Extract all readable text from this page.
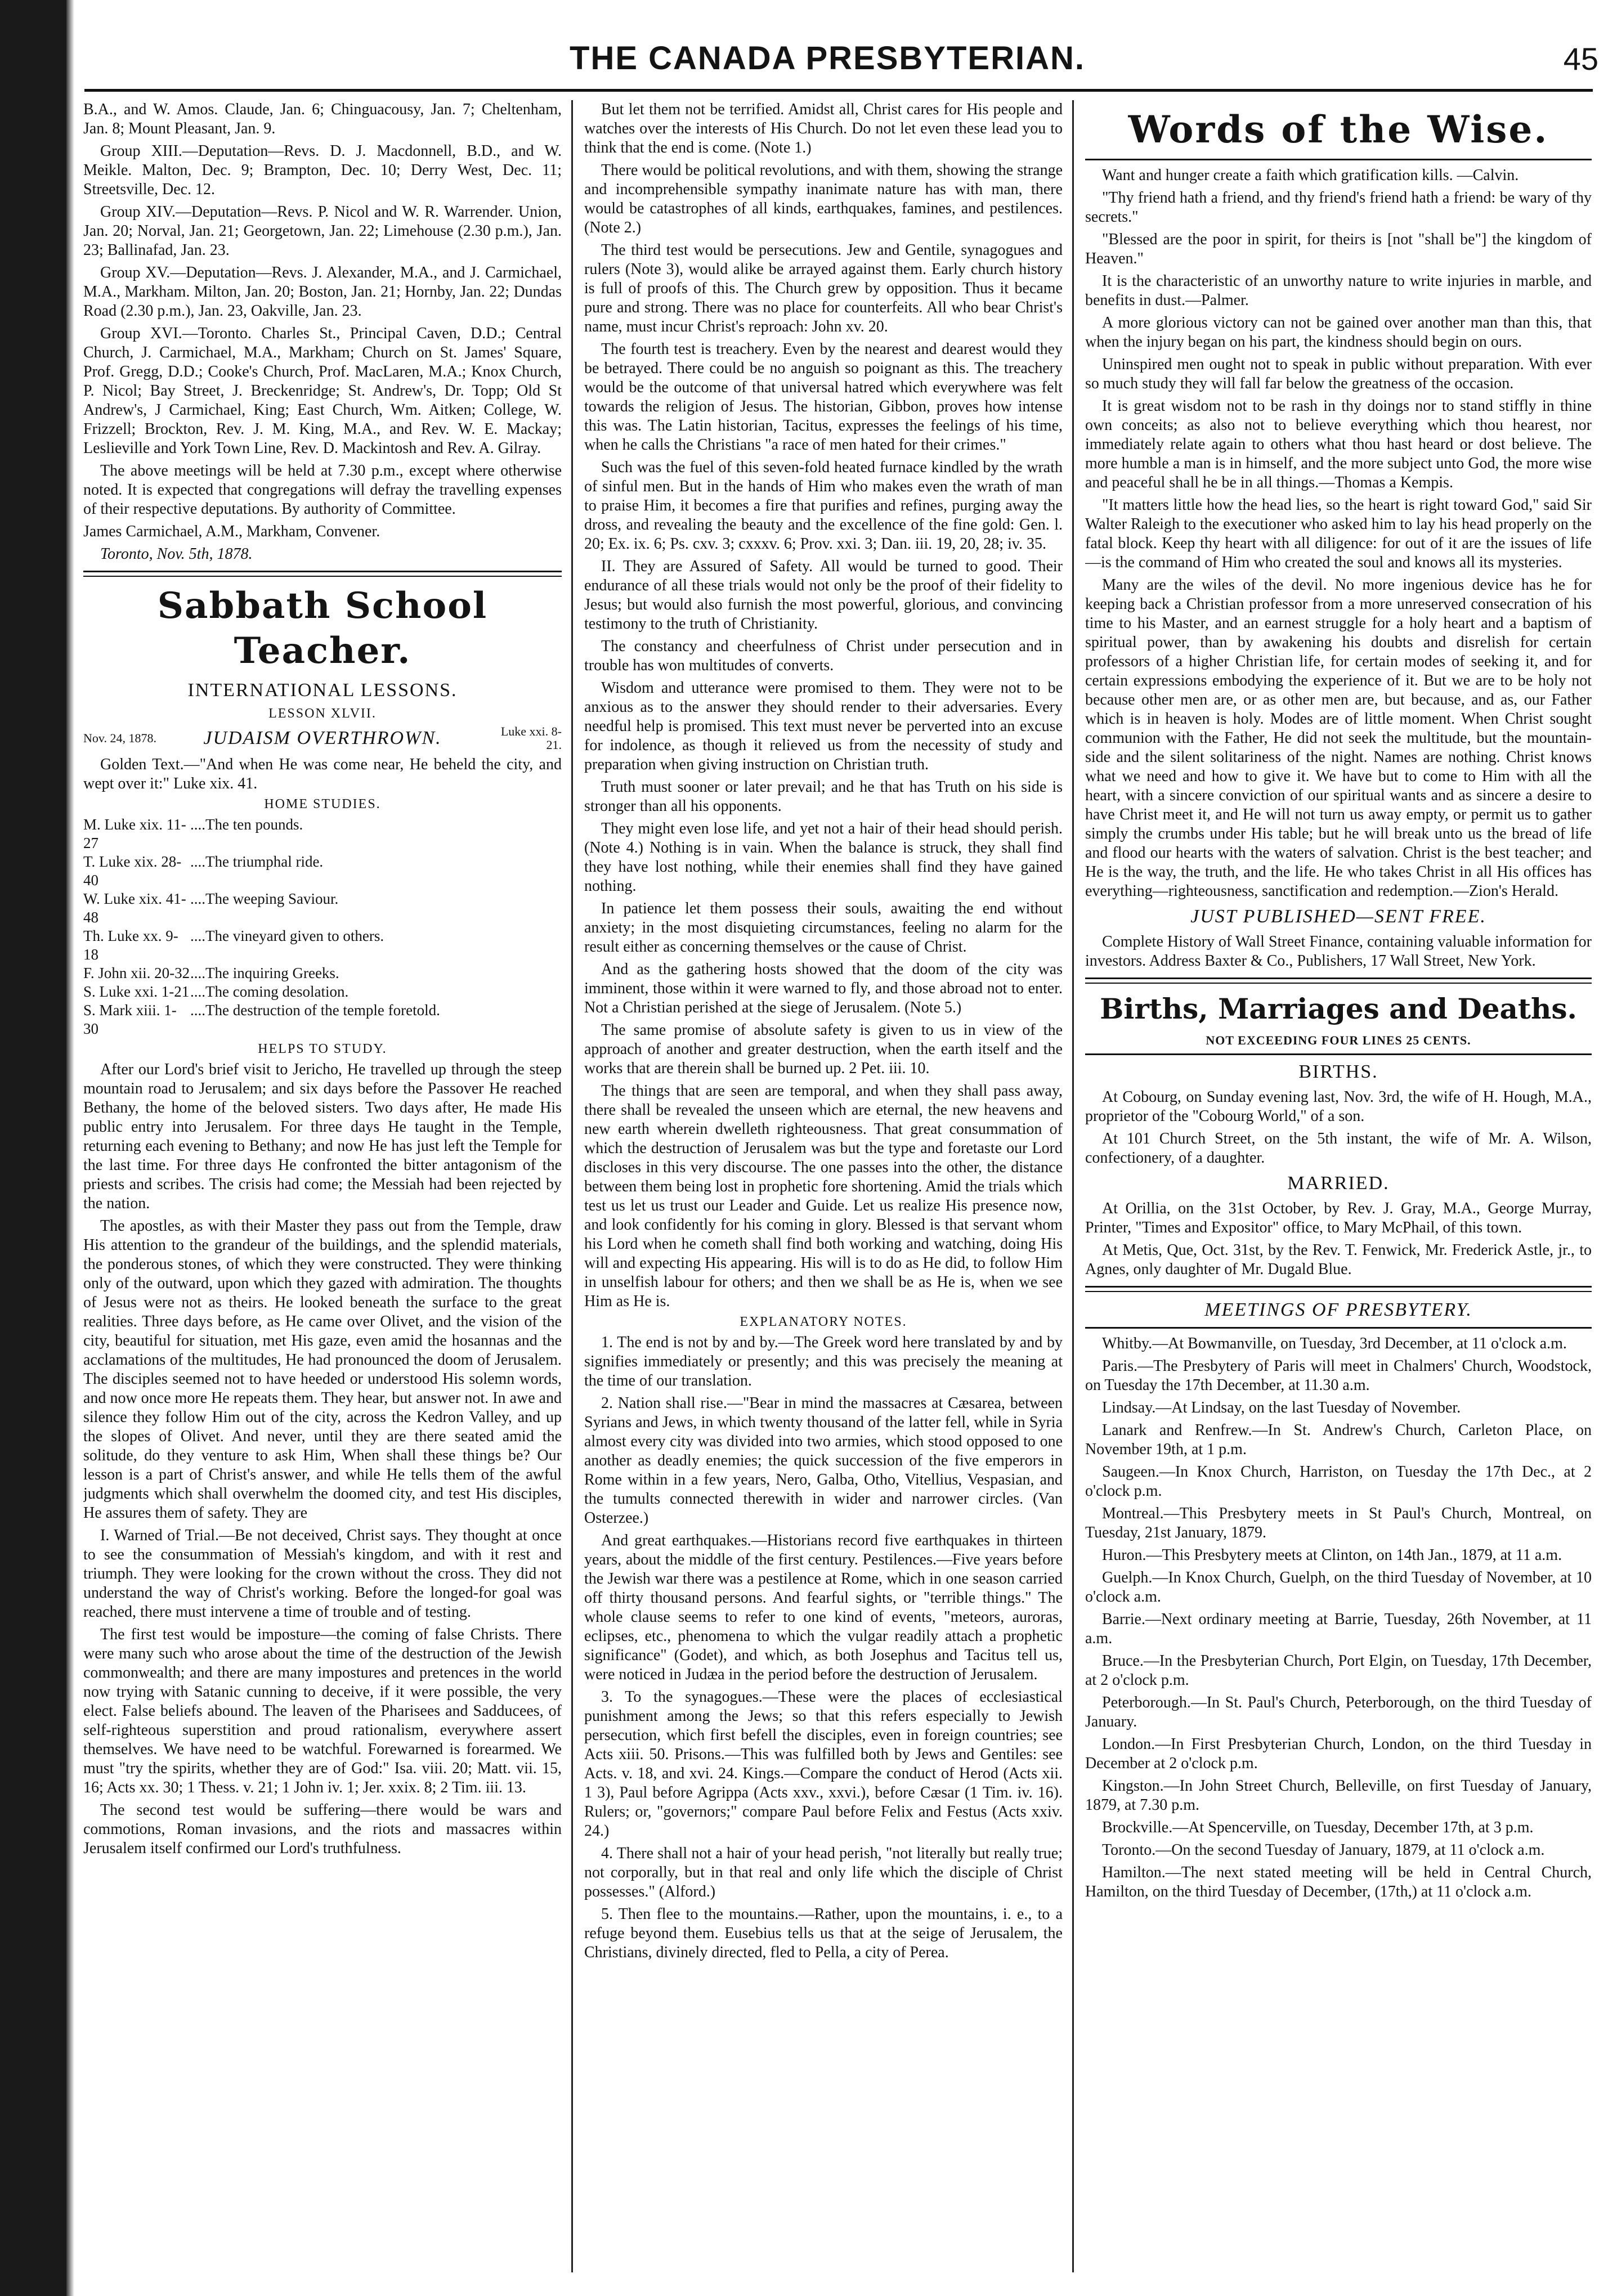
THE CANADA PRESBYTERIAN.	45

B.A., and W. Amos. Claude, Jan. 6; Chinguacousy, Jan. 7; Cheltenham, Jan. 8; Mount Pleasant, Jan. 9.

Group XIII.—Deputation—Revs. D. J. Macdonnell, B.D., and W. Meikle. Malton, Dec. 9; Brampton, Dec. 10; Derry West, Dec. 11; Streetsville, Dec. 12.

Group XIV.—Deputation—Revs. P. Nicol and W. R. Warrender. Union, Jan. 20; Norval, Jan. 21; Georgetown, Jan. 22; Limehouse (2.30 p.m.), Jan. 23; Ballinafad, Jan. 23.

Group XV.—Deputation—Revs. J. Alexander, M.A., and J. Carmichael, M.A., Markham. Milton, Jan. 20; Boston, Jan. 21; Hornby, Jan. 22; Dundas Road (2.30 p.m.), Jan. 23, Oakville, Jan. 23.

Group XVI.—Toronto. Charles St., Principal Caven, D.D.; Central Church, J. Carmichael, M.A., Markham; Church on St. James' Square, Prof. Gregg, D.D.; Cooke's Church, Prof. MacLaren, M.A.; Knox Church, P. Nicol; Bay Street, J. Breckenridge; St. Andrew's, Dr. Topp; Old St Andrew's, J Carmichael, King; East Church, Wm. Aitken; College, W. Frizzell; Brockton, Rev. J. M. King, M.A., and Rev. W. E. Mackay; Leslieville and York Town Line, Rev. D. Mackintosh and Rev. A. Gilray.

The above meetings will be held at 7.30 p.m., except where otherwise noted. It is expected that congregations will defray the travelling expenses of their respective deputations. By authority of Committee.

James Carmichael, A.M., Markham, Convener.

Toronto, Nov. 5th, 1878.

Sabbath School Teacher.
INTERNATIONAL LESSONS.
LESSON XLVII.
Nov. 24, 1878.	JUDAISM OVERTHROWN.	Luke xxi. 8-21.

Golden Text.—"And when He was come near, He beheld the city, and wept over it:" Luke xix. 41.

HOME STUDIES.
M. Luke xix. 11-27
....The ten pounds.
T. Luke xix. 28-40
....The triumphal ride.
W. Luke xix. 41-48
....The weeping Saviour.
Th. Luke xx. 9-18
....The vineyard given to others.
F. John xii. 20-32 ....The inquiring Greeks.
S. Luke xxi. 1-21 ....The coming desolation.
S. Mark xiii. 1-30
....The destruction of the temple foretold.
HELPS TO STUDY.

After our Lord's brief visit to Jericho, He travelled up through the steep mountain road to Jerusalem; and six days before the Passover He reached Bethany, the home of the beloved sisters. Two days after, He made His public entry into Jerusalem. For three days He taught in the Temple, returning each evening to Bethany; and now He has just left the Temple for the last time. For three days He confronted the bitter antagonism of the priests and scribes. The crisis had come; the Messiah had been rejected by the nation.

The apostles, as with their Master they pass out from the Temple, draw His attention to the grandeur of the buildings, and the splendid materials, the ponderous stones, of which they were constructed. They were thinking only of the outward, upon which they gazed with admiration. The thoughts of Jesus were not as theirs. He looked beneath the surface to the great realities. Three days before, as He came over Olivet, and the vision of the city, beautiful for situation, met His gaze, even amid the hosannas and the acclamations of the multitudes, He had pronounced the doom of Jerusalem. The disciples seemed not to have heeded or understood His solemn words, and now once more He repeats them. They hear, but answer not. In awe and silence they follow Him out of the city, across the Kedron Valley, and up the slopes of Olivet. And never, until they are there seated amid the solitude, do they venture to ask Him, When shall these things be? Our lesson is a part of Christ's answer, and while He tells them of the awful judgments which shall overwhelm the doomed city, and test His disciples, He assures them of safety. They are

I. Warned of Trial.—Be not deceived, Christ says. They thought at once to see the consummation of Messiah's kingdom, and with it rest and triumph. They were looking for the crown without the cross. They did not understand the way of Christ's working. Before the longed-for goal was reached, there must intervene a time of trouble and of testing.

The first test would be imposture—the coming of false Christs. There were many such who arose about the time of the destruction of the Jewish commonwealth; and there are many impostures and pretences in the world now trying with Satanic cunning to deceive, if it were possible, the very elect. False beliefs abound. The leaven of the Pharisees and Sadducees, of self-righteous superstition and proud rationalism, everywhere assert themselves. We have need to be watchful. Forewarned is forearmed. We must "try the spirits, whether they are of God:" Isa. viii. 20; Matt. vii. 15, 16; Acts xx. 30; 1 Thess. v. 21; 1 John iv. 1; Jer. xxix. 8; 2 Tim. iii. 13.

The second test would be suffering—there would be wars and commotions, Roman invasions, and the riots and massacres within Jerusalem itself confirmed our Lord's truthfulness.

But let them not be terrified. Amidst all, Christ cares for His people and watches over the interests of His Church. Do not let even these lead you to think that the end is come. (Note 1.)

There would be political revolutions, and with them, showing the strange and incomprehensible sympathy inanimate nature has with man, there would be catastrophes of all kinds, earthquakes, famines, and pestilences. (Note 2.)

The third test would be persecutions. Jew and Gentile, synagogues and rulers (Note 3), would alike be arrayed against them. Early church history is full of proofs of this. The Church grew by opposition. Thus it became pure and strong. There was no place for counterfeits. All who bear Christ's name, must incur Christ's reproach: John xv. 20.

The fourth test is treachery. Even by the nearest and dearest would they be betrayed. There could be no anguish so poignant as this. The treachery would be the outcome of that universal hatred which everywhere was felt towards the religion of Jesus. The historian, Gibbon, proves how intense this was. The Latin historian, Tacitus, expresses the feelings of his time, when he calls the Christians "a race of men hated for their crimes."

Such was the fuel of this seven-fold heated furnace kindled by the wrath of sinful men. But in the hands of Him who makes even the wrath of man to praise Him, it becomes a fire that purifies and refines, purging away the dross, and revealing the beauty and the excellence of the fine gold: Gen. l. 20; Ex. ix. 6; Ps. cxv. 3; cxxxv. 6; Prov. xxi. 3; Dan. iii. 19, 20, 28; iv. 35.

II. They are Assured of Safety. All would be turned to good. Their endurance of all these trials would not only be the proof of their fidelity to Jesus; but would also furnish the most powerful, glorious, and convincing testimony to the truth of Christianity.

The constancy and cheerfulness of Christ under persecution and in trouble has won multitudes of converts.

Wisdom and utterance were promised to them. They were not to be anxious as to the answer they should render to their adversaries. Every needful help is promised. This text must never be perverted into an excuse for indolence, as though it relieved us from the necessity of study and preparation when giving instruction on Christian truth.

Truth must sooner or later prevail; and he that has Truth on his side is stronger than all his opponents.

They might even lose life, and yet not a hair of their head should perish. (Note 4.) Nothing is in vain. When the balance is struck, they shall find they have lost nothing, while their enemies shall find they have gained nothing.

In patience let them possess their souls, awaiting the end without anxiety; in the most disquieting circumstances, feeling no alarm for the result either as concerning themselves or the cause of Christ.

And as the gathering hosts showed that the doom of the city was imminent, those within it were warned to fly, and those abroad not to enter. Not a Christian perished at the siege of Jerusalem. (Note 5.)

The same promise of absolute safety is given to us in view of the approach of another and greater destruction, when the earth itself and the works that are therein shall be burned up. 2 Pet. iii. 10.

The things that are seen are temporal, and when they shall pass away, there shall be revealed the unseen which are eternal, the new heavens and new earth wherein dwelleth righteousness. That great consummation of which the destruction of Jerusalem was but the type and foretaste our Lord discloses in this very discourse. The one passes into the other, the distance between them being lost in prophetic fore shortening. Amid the trials which test us let us trust our Leader and Guide. Let us realize His presence now, and look confidently for his coming in glory. Blessed is that servant whom his Lord when he cometh shall find both working and watching, doing His will and expecting His appearing. His will is to do as He did, to follow Him in unselfish labour for others; and then we shall be as He is, when we see Him as He is.

EXPLANATORY NOTES.

1. The end is not by and by.—The Greek word here translated by and by signifies immediately or presently; and this was precisely the meaning at the time of our translation.

2. Nation shall rise.—"Bear in mind the massacres at Cæsarea, between Syrians and Jews, in which twenty thousand of the latter fell, while in Syria almost every city was divided into two armies, which stood opposed to one another as deadly enemies; the quick succession of the five emperors in Rome within in a few years, Nero, Galba, Otho, Vitellius, Vespasian, and the tumults connected therewith in wider and narrower circles. (Van Osterzee.)

And great earthquakes.—Historians record five earthquakes in thirteen years, about the middle of the first century. Pestilences.—Five years before the Jewish war there was a pestilence at Rome, which in one season carried off thirty thousand persons. And fearful sights, or "terrible things." The whole clause seems to refer to one kind of events, "meteors, auroras, eclipses, etc., phenomena to which the vulgar readily attach a prophetic significance" (Godet), and which, as both Josephus and Tacitus tell us, were noticed in Judæa in the period before the destruction of Jerusalem.

3. To the synagogues.—These were the places of ecclesiastical punishment among the Jews; so that this refers especially to Jewish persecution, which first befell the disciples, even in foreign countries; see Acts xiii. 50. Prisons.—This was fulfilled both by Jews and Gentiles: see Acts. v. 18, and xvi. 24. Kings.—Compare the conduct of Herod (Acts xii. 1 3), Paul before Agrippa (Acts xxv., xxvi.), before Cæsar (1 Tim. iv. 16). Rulers; or, "governors;" compare Paul before Felix and Festus (Acts xxiv. 24.)

4. There shall not a hair of your head perish, "not literally but really true; not corporally, but in that real and only life which the disciple of Christ possesses." (Alford.)

5. Then flee to the mountains.—Rather, upon the mountains, i. e., to a refuge beyond them. Eusebius tells us that at the seige of Jerusalem, the Christians, divinely directed, fled to Pella, a city of Perea.

Words of the Wise.

Want and hunger create a faith which gratification kills. —Calvin.

"Thy friend hath a friend, and thy friend's friend hath a friend: be wary of thy secrets."

"Blessed are the poor in spirit, for theirs is [not "shall be"] the kingdom of Heaven."

It is the characteristic of an unworthy nature to write injuries in marble, and benefits in dust.—Palmer.

A more glorious victory can not be gained over another man than this, that when the injury began on his part, the kindness should begin on ours.

Uninspired men ought not to speak in public without preparation. With ever so much study they will fall far below the greatness of the occasion.

It is great wisdom not to be rash in thy doings nor to stand stiffly in thine own conceits; as also not to believe everything which thou hearest, nor immediately relate again to others what thou hast heard or dost believe. The more humble a man is in himself, and the more subject unto God, the more wise and peaceful shall he be in all things.—Thomas a Kempis.

"It matters little how the head lies, so the heart is right toward God," said Sir Walter Raleigh to the executioner who asked him to lay his head properly on the fatal block. Keep thy heart with all diligence: for out of it are the issues of life—is the command of Him who created the soul and knows all its mysteries.

Many are the wiles of the devil. No more ingenious device has he for keeping back a Christian professor from a more unreserved consecration of his time to his Master, and an earnest struggle for a holy heart and a baptism of spiritual power, than by awakening his doubts and disrelish for certain professors of a higher Christian life, for certain modes of seeking it, and for certain expressions embodying the experience of it. But we are to be holy not because other men are, or as other men are, but because, and as, our Father which is in heaven is holy. Modes are of little moment. When Christ sought communion with the Father, He did not seek the multitude, but the mountain-side and the silent solitariness of the night. Names are nothing. Christ knows what we need and how to give it. We have but to come to Him with all the heart, with a sincere conviction of our spiritual wants and as sincere a desire to have Christ meet it, and He will not turn us away empty, or permit us to gather simply the crumbs under His table; but he will break unto us the bread of life and flood our hearts with the waters of salvation. Christ is the best teacher; and He is the way, the truth, and the life. He who takes Christ in all His offices has everything—righteousness, sanctification and redemption.—Zion's Herald.

JUST PUBLISHED—SENT FREE.

Complete History of Wall Street Finance, containing valuable information for investors. Address Baxter & Co., Publishers, 17 Wall Street, New York.

Births, Marriages and Deaths.
NOT EXCEEDING FOUR LINES 25 CENTS.
BIRTHS.

At Cobourg, on Sunday evening last, Nov. 3rd, the wife of H. Hough, M.A., proprietor of the "Cobourg World," of a son.

At 101 Church Street, on the 5th instant, the wife of Mr. A. Wilson, confectionery, of a daughter.

MARRIED.

At Orillia, on the 31st October, by Rev. J. Gray, M.A., George Murray, Printer, "Times and Expositor" office, to Mary McPhail, of this town.

At Metis, Que, Oct. 31st, by the Rev. T. Fenwick, Mr. Frederick Astle, jr., to Agnes, only daughter of Mr. Dugald Blue.

MEETINGS OF PRESBYTERY.

Whitby.—At Bowmanville, on Tuesday, 3rd December, at 11 o'clock a.m.

Paris.—The Presbytery of Paris will meet in Chalmers' Church, Woodstock, on Tuesday the 17th December, at 11.30 a.m.

Lindsay.—At Lindsay, on the last Tuesday of November.

Lanark and Renfrew.—In St. Andrew's Church, Carleton Place, on November 19th, at 1 p.m.

Saugeen.—In Knox Church, Harriston, on Tuesday the 17th Dec., at 2 o'clock p.m.

Montreal.—This Presbytery meets in St Paul's Church, Montreal, on Tuesday, 21st January, 1879.

Huron.—This Presbytery meets at Clinton, on 14th Jan., 1879, at 11 a.m.

Guelph.—In Knox Church, Guelph, on the third Tuesday of November, at 10 o'clock a.m.

Barrie.—Next ordinary meeting at Barrie, Tuesday, 26th November, at 11 a.m.

Bruce.—In the Presbyterian Church, Port Elgin, on Tuesday, 17th December, at 2 o'clock p.m.

Peterborough.—In St. Paul's Church, Peterborough, on the third Tuesday of January.

London.—In First Presbyterian Church, London, on the third Tuesday in December at 2 o'clock p.m.

Kingston.—In John Street Church, Belleville, on first Tuesday of January, 1879, at 7.30 p.m.

Brockville.—At Spencerville, on Tuesday, December 17th, at 3 p.m.

Toronto.—On the second Tuesday of January, 1879, at 11 o'clock a.m.

Hamilton.—The next stated meeting will be held in Central Church, Hamilton, on the third Tuesday of December, (17th,) at 11 o'clock a.m.
